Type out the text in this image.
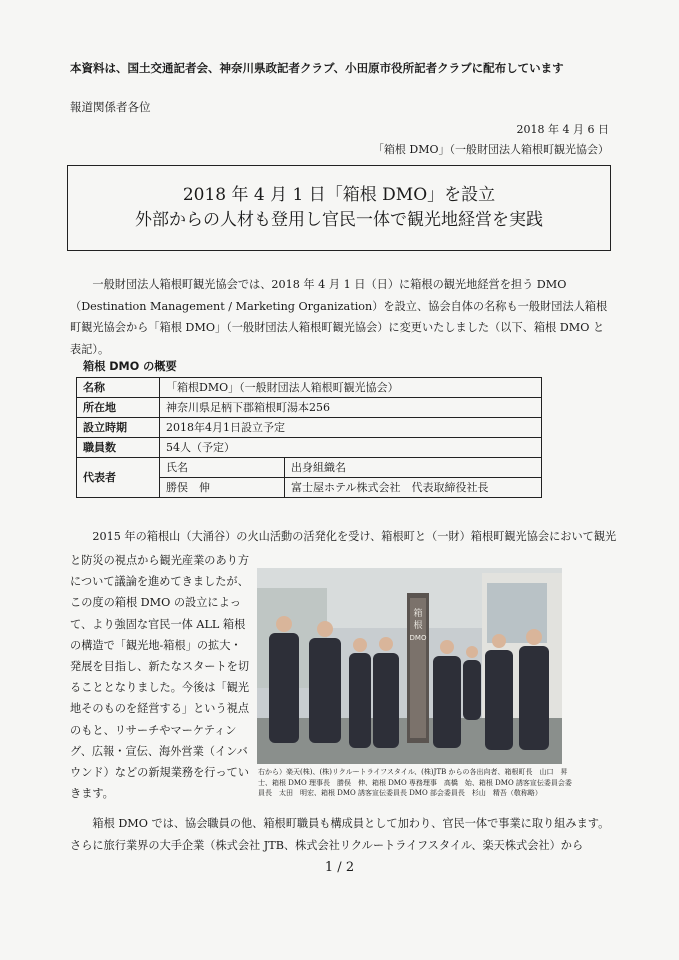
本資料は、国土交通記者会、神奈川県政記者クラブ、小田原市役所記者クラブに配布しています
報道関係者各位
2018 年 4 月 6 日
「箱根 DMO」（一般財団法人箱根町観光協会）
2018 年 4 月 1 日「箱根 DMO」を設立
外部からの人材も登用し官民一体で観光地経営を実践
一般財団法人箱根町観光協会では、2018 年 4 月 1 日（日）に箱根の観光地経営を担う DMO（Destination Management / Marketing Organization）を設立、協会自体の名称も一般財団法人箱根町観光協会から「箱根 DMO」（一般財団法人箱根町観光協会）に変更いたしました（以下、箱根 DMO と表記）。
箱根 DMO の概要
名称	「箱根DMO」（一般財団法人箱根町観光協会）	
所在地	神奈川県足柄下郡箱根町湯本256	
設立時期	2018年4月1日設立予定	
職員数	54人（予定）	
代表者	氏名	出身組織名
	勝俣　伸	富士屋ホテル株式会社　代表取締役社長
2015 年の箱根山（大涌谷）の火山活動の活発化を受け、箱根町と（一財）箱根町観光協会において観光
と防災の視点から観光産業のあり方について議論を進めてきましたが、この度の箱根 DMO の設立によって、より強固な官民一体 ALL 箱根の構造で「観光地-箱根」の拡大・発展を目指し、新たなスタートを切ることとなりました。今後は「観光地そのものを経営する」という視点のもと、リサーチやマーケティング、広報・宣伝、海外営業（インバウンド）などの新規業務を行っていきます。
箱
根
DMO
右から）楽天(株)、(株)リクルートライフスタイル、(株)JTB からの各出向者、箱根町長　山口　昇士、箱根 DMO 理事長　勝俣　伸、箱根 DMO 専務理事　高橋　始、箱根 DMO 誘客宣伝委員会委員長　太田　明宏、箱根 DMO 誘客宣伝委員長 DMO 部会委員長　杉山　精吾（敬称略）
箱根 DMO では、協会職員の他、箱根町職員も構成員として加わり、官民一体で事業に取り組みます。さらに旅行業界の大手企業（株式会社 JTB、株式会社リクルートライフスタイル、楽天株式会社）から
1 / 2
